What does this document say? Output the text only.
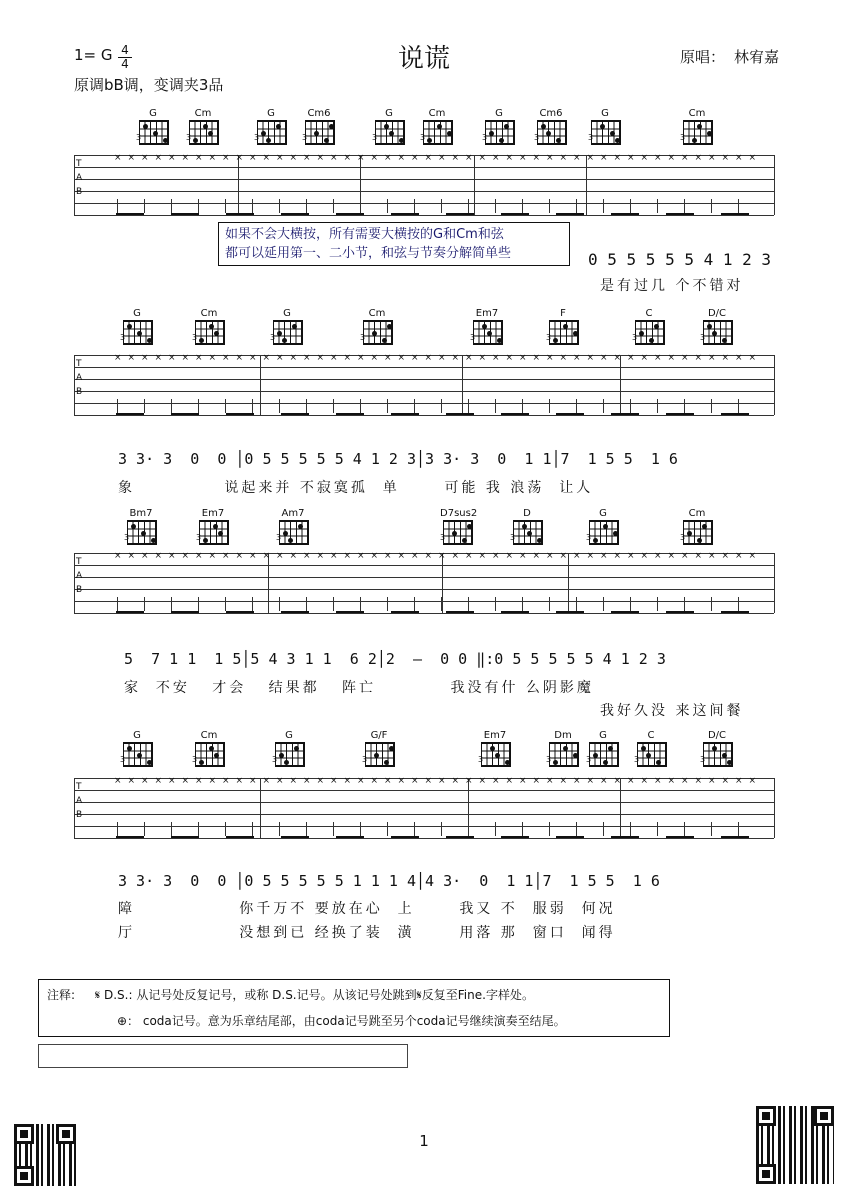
说谎
1= G $\frac{4}{4}$
原调bB调，变调夹3品
原唱： 林宥嘉
T
A
B
× × × × × × × × × × × × × × × × × × × × × × × × × × × × × × × × × × × × × × × × × × × × × × × ×
T
A
B
× × × × × × × × × × × × × × × × × × × × × × × × × × × × × × × × × × × × × × × × × × × × × × × ×
T
A
B
× × × × × × × × × × × × × × × × × × × × × × × × × × × × × × × × × × × × × × × × × × × × × × × ×
T
A
B
× × × × × × × × × × × × × × × × × × × × × × × × × × × × × × × × × × × × × × × × × × × × × × × ×
如果不会大横按，所有需要大横按的G和Cm和弦
都可以延用第一、二小节，和弦与节奏分解简单些	0 5 5 5 5 5 4 1 2 3
是有过几 个不错对
3 3· 3  0  0 │0 5 5 5 5 5 4 1 2 3│3 3· 3  0  1 1│7  1 5 5  1 6
象            说起来并 不寂寞孤  单      可能 我 浪荡  让人
5  7 1 1  1 5│5 4 3 1 1  6 2│2  —  0 0 ‖:0 5 5 5 5 5 4 1 2 3
家  不安   才会   结果都   阵亡          我没有什 么阴影魔
我好久没 来这间餐
3 3· 3  0  0 │0 5 5 5 5 5 1 1 1 4│4 3·  0  1 1│7  1 5 5  1 6
障              你千万不 要放在心  上      我又 不  服弱  何况
厅              没想到已 经换了装  潢      用落 那  窗口  闻得
注释: 𝄋 D.S.: 从记号处反复记号，或称 D.S.记号。从该记号处跳到𝄋反复至Fine.字样处。
⊕： coda记号。意为乐章结尾部，由coda记号跳至另个coda记号继续演奏至结尾。
1
G
3
Cm
3
G
3
Cm6
3
G
3
Cm
3
G
3
Cm6
3
G
3
Cm
3
G
3
Cm
3
G
3
Cm
3
Em7
3
F
3
C
3
D/C
3
Bm7
3
Em7
3
Am7
3
D7sus2
3
D
3
G
3
Cm
3
G
3
Cm
3
G
3
G/F
3
Em7
3
Dm
3
G
3
C
3
D/C
3
